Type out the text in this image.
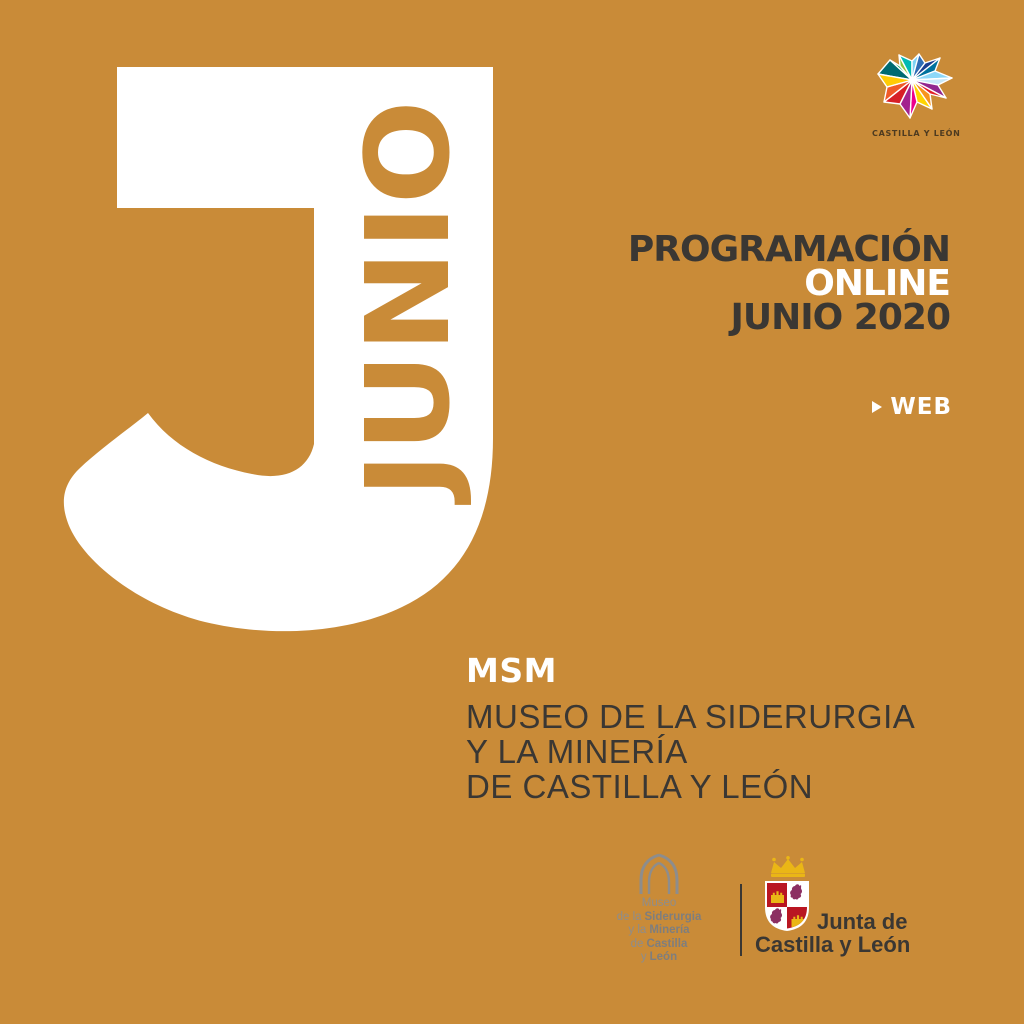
JUNIO	CASTILLA Y LEÓN
PROGRAMACIÓN
ONLINE
JUNIO 2020
WEB
MSM
MUSEO DE LA SIDERURGIA
Y LA MINERÍA
DE CASTILLA Y LEÓN
Museo
de la Siderurgia
y la Minería
de Castilla
y León
Junta de
Castilla y León
